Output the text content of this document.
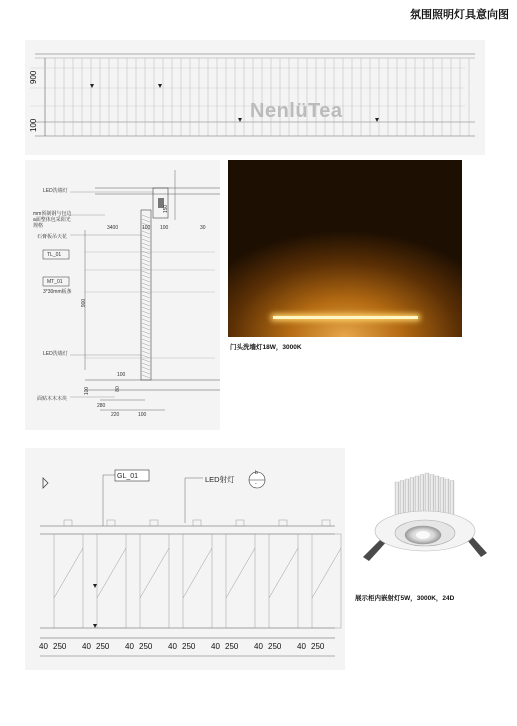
氛围照明灯具意向图
900
100
NenlüTea
LED洗墙灯
mm预制钢与包边
a面整体包采阳光
规格
石膏板吊天花
TL_01
MT_01
3*30mm板条
LED洗墙灯
面贴木木木块
3400	100 100	30
150
900
100
80
100
280
220	100
门头洗墙灯18W，3000K
GL_01	LED射灯
b
-
40 250	40 250	40 250	40 250	40 250	40 250	40 250
展示柜内嵌射灯5W，3000K，24D
